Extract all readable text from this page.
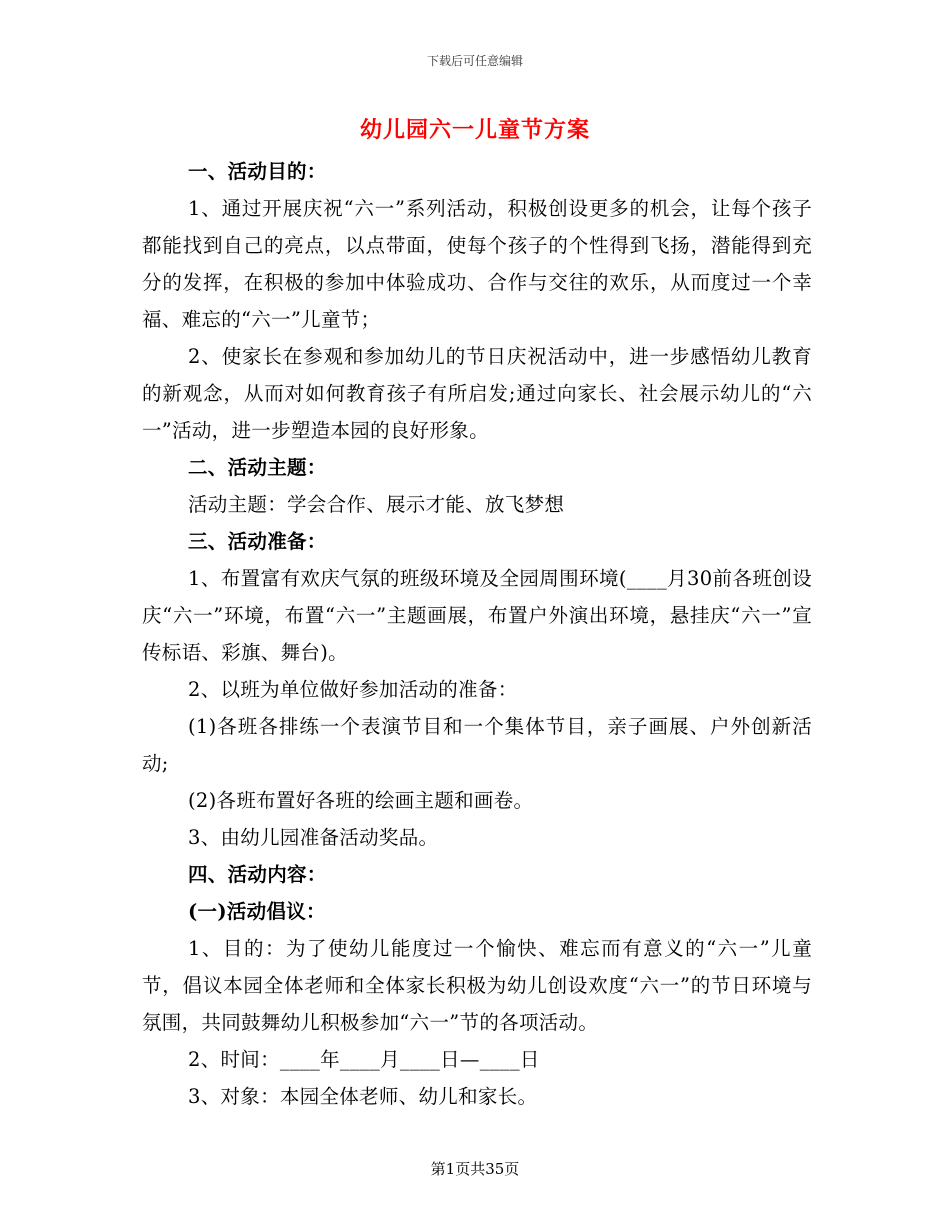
下载后可任意编辑
幼儿园六一儿童节方案

一、活动目的：

1、通过开展庆祝“六一”系列活动，积极创设更多的机会，让每个孩子都能找到自己的亮点，以点带面，使每个孩子的个性得到飞扬，潜能得到充分的发挥，在积极的参加中体验成功、合作与交往的欢乐，从而度过一个幸福、难忘的“六一”儿童节；

2、使家长在参观和参加幼儿的节日庆祝活动中，进一步感悟幼儿教育的新观念，从而对如何教育孩子有所启发;通过向家长、社会展示幼儿的“六一”活动，进一步塑造本园的良好形象。

二、活动主题：

活动主题：学会合作、展示才能、放飞梦想

三、活动准备：

1、布置富有欢庆气氛的班级环境及全园周围环境(____月30前各班创设庆“六一”环境，布置“六一”主题画展，布置户外演出环境，悬挂庆“六一”宣传标语、彩旗、舞台)。

2、以班为单位做好参加活动的准备：

(1)各班各排练一个表演节目和一个集体节目，亲子画展、户外创新活动;

(2)各班布置好各班的绘画主题和画卷。

3、由幼儿园准备活动奖品。

四、活动内容：

(一)活动倡议：

1、目的：为了使幼儿能度过一个愉快、难忘而有意义的“六一”儿童节，倡议本园全体老师和全体家长积极为幼儿创设欢度“六一”的节日环境与氛围，共同鼓舞幼儿积极参加“六一”节的各项活动。

2、时间：____年____月____日—____日

3、对象：本园全体老师、幼儿和家长。

第1页共35页
